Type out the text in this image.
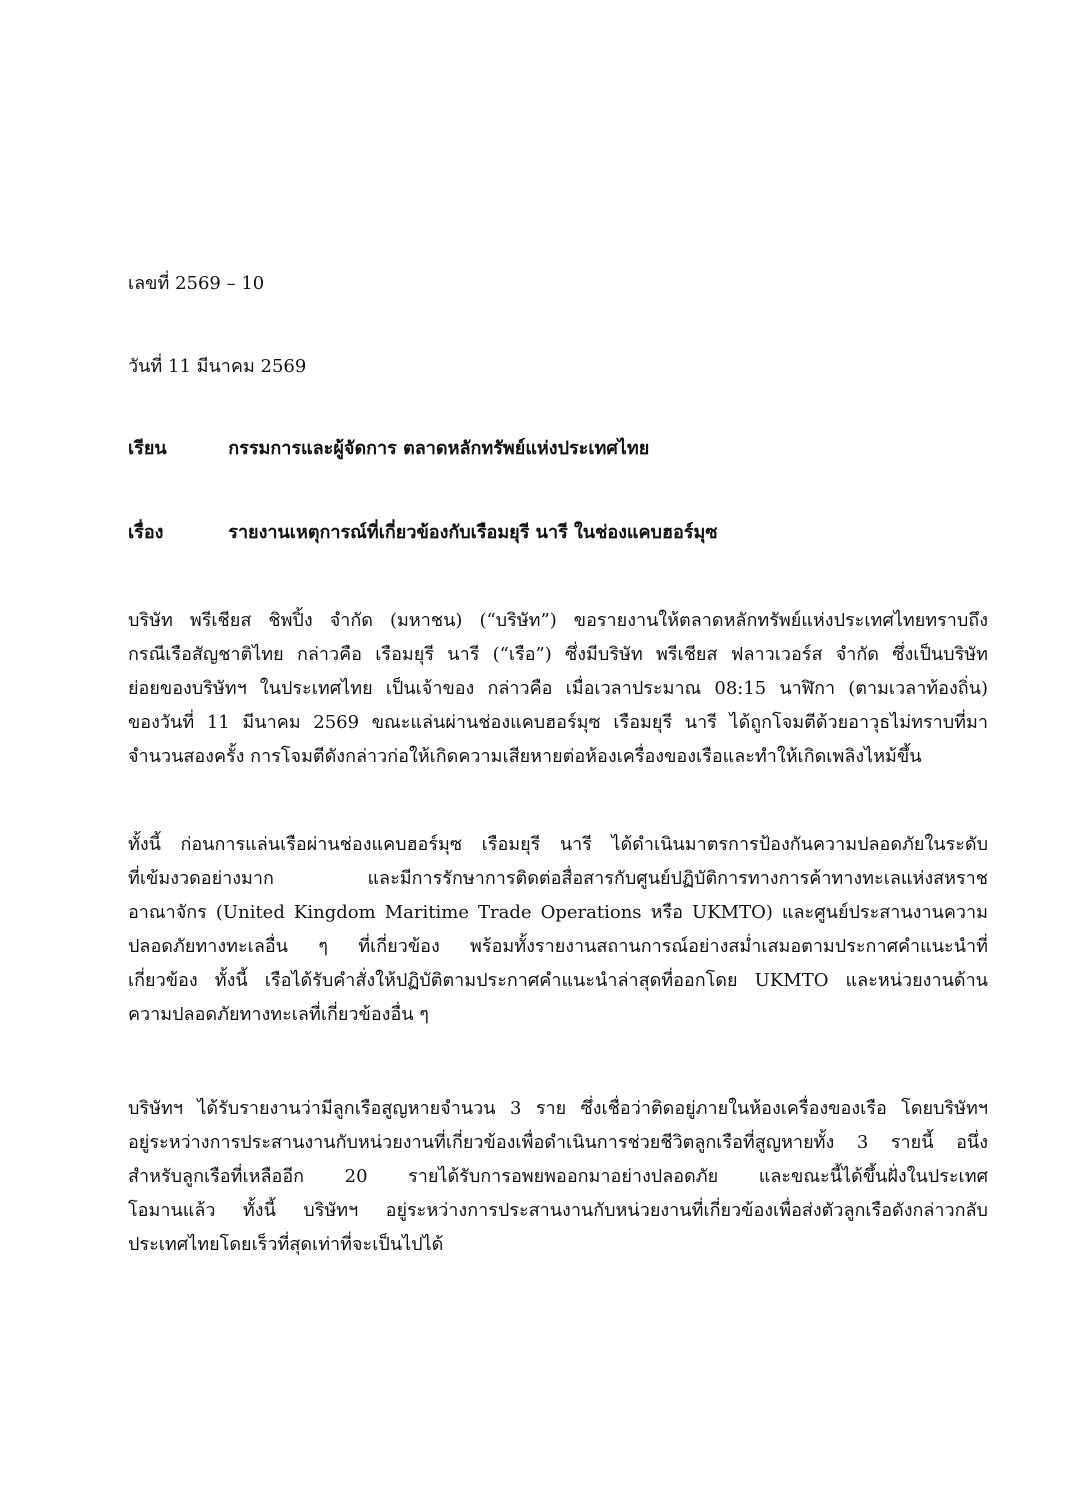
เลขที่ 2569 – 10
วันที่ 11 มีนาคม 2569
เรียน	กรรมการและผู้จัดการ ตลาดหลักทรัพย์แห่งประเทศไทย
เรื่อง	รายงานเหตุการณ์ที่เกี่ยวข้องกับเรือมยุรี นารี ในช่องแคบฮอร์มุซ
บริษัท พรีเชียส ชิพปิ้ง จำกัด (มหาชน) (“บริษัท”) ขอรายงานให้ตลาดหลักทรัพย์แห่งประเทศไทยทราบถึง
กรณีเรือสัญชาติไทย กล่าวคือ เรือมยุรี นารี (“เรือ”) ซึ่งมีบริษัท พรีเชียส ฟลาวเวอร์ส จำกัด ซึ่งเป็นบริษัท
ย่อยของบริษัทฯ ในประเทศไทย เป็นเจ้าของ กล่าวคือ เมื่อเวลาประมาณ 08:15 นาฬิกา (ตามเวลาท้องถิ่น)
ของวันที่ 11 มีนาคม 2569 ขณะแล่นผ่านช่องแคบฮอร์มุซ เรือมยุรี นารี ได้ถูกโจมตีด้วยอาวุธไม่ทราบที่มา
จำนวนสองครั้ง การโจมตีดังกล่าวก่อให้เกิดความเสียหายต่อห้องเครื่องของเรือและทำให้เกิดเพลิงไหม้ขึ้น
ทั้งนี้ ก่อนการแล่นเรือผ่านช่องแคบฮอร์มุซ เรือมยุรี นารี ได้ดำเนินมาตรการป้องกันความปลอดภัยในระดับ
ที่เข้มงวดอย่างมาก และมีการรักษาการติดต่อสื่อสารกับศูนย์ปฏิบัติการทางการค้าทางทะเลแห่งสหราช
อาณาจักร (United Kingdom Maritime Trade Operations หรือ UKMTO) และศูนย์ประสานงานความ
ปลอดภัยทางทะเลอื่น ๆ ที่เกี่ยวข้อง พร้อมทั้งรายงานสถานการณ์อย่างสม่ำเสมอตามประกาศคำแนะนำที่
เกี่ยวข้อง ทั้งนี้ เรือได้รับคำสั่งให้ปฏิบัติตามประกาศคำแนะนำล่าสุดที่ออกโดย UKMTO และหน่วยงานด้าน
ความปลอดภัยทางทะเลที่เกี่ยวข้องอื่น ๆ
บริษัทฯ ได้รับรายงานว่ามีลูกเรือสูญหายจำนวน 3 ราย ซึ่งเชื่อว่าติดอยู่ภายในห้องเครื่องของเรือ โดยบริษัทฯ
อยู่ระหว่างการประสานงานกับหน่วยงานที่เกี่ยวข้องเพื่อดำเนินการช่วยชีวิตลูกเรือที่สูญหายทั้ง 3 รายนี้ อนึ่ง
สำหรับลูกเรือที่เหลืออีก 20 รายได้รับการอพยพออกมาอย่างปลอดภัย และขณะนี้ได้ขึ้นฝั่งในประเทศ
โอมานแล้ว ทั้งนี้ บริษัทฯ อยู่ระหว่างการประสานงานกับหน่วยงานที่เกี่ยวข้องเพื่อส่งตัวลูกเรือดังกล่าวกลับ
ประเทศไทยโดยเร็วที่สุดเท่าที่จะเป็นไปได้
